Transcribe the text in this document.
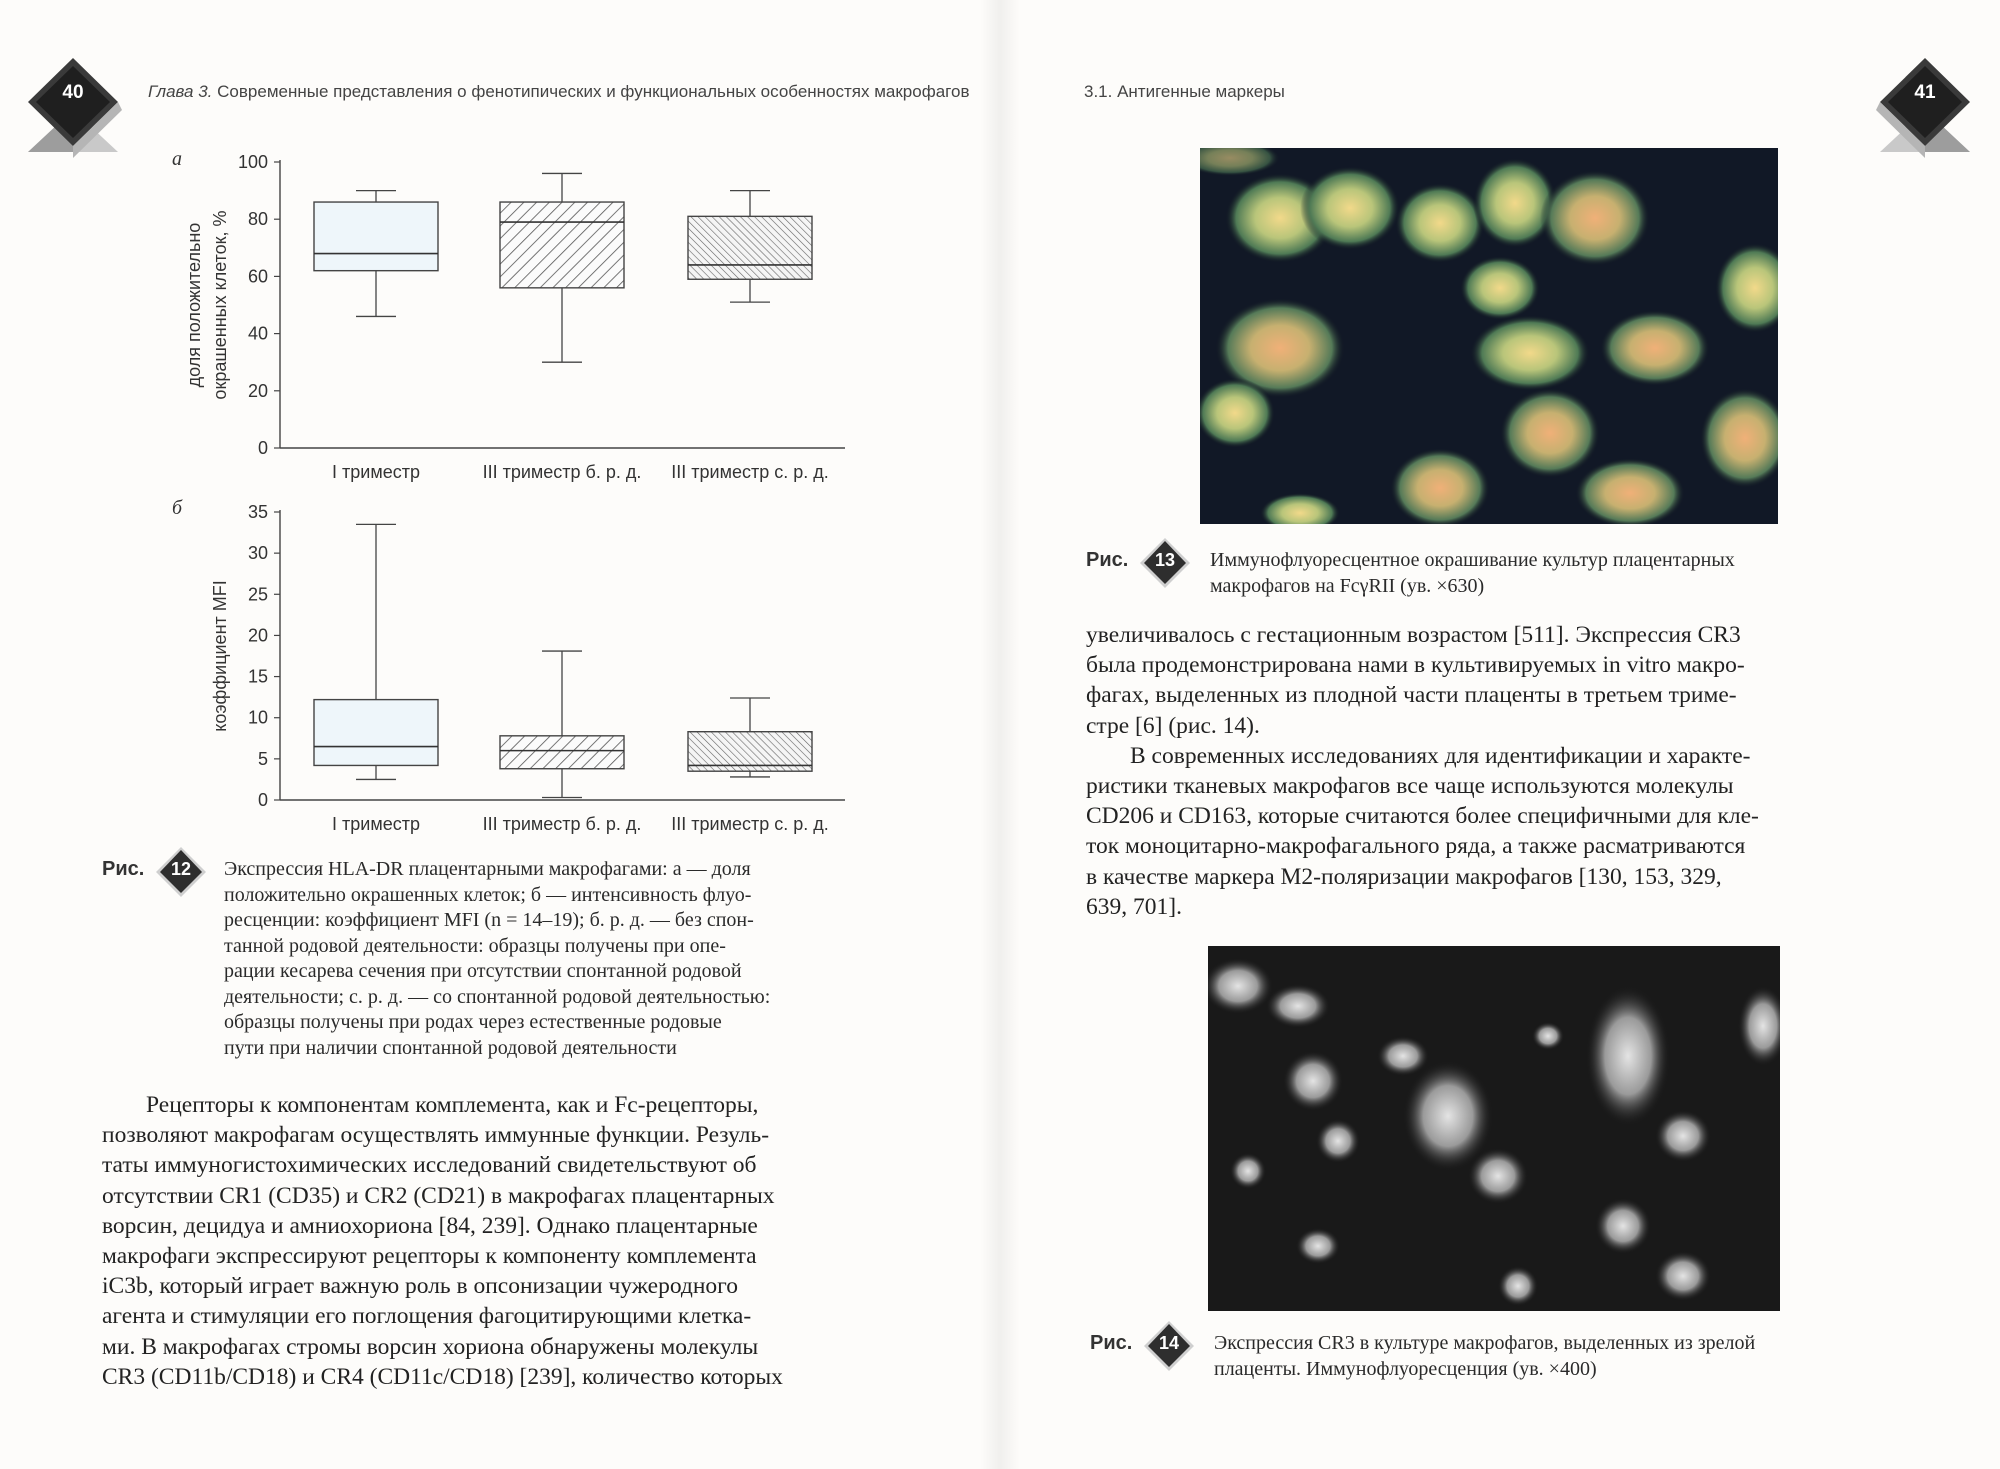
40	Глава 3. Современные представления о фенотипических и функциональных особенностях макрофагов
а
б
0
20
40
60
80
100
доля положительно окрашенных клеток, %
I триместр	III триместр б. р. д. III триместр с. р. д.
0
5
10
15
20
25
30
35
коэффициент MFI
I триместр	III триместр б. р. д. III триместр с. р. д.
Рис.	12	Экспрессия HLA-DR плацентарными макрофагами: а — доля
положительно окрашенных клеток; б — интенсивность флуо-
ресценции: коэффициент MFI (n = 14–19); б. р. д. — без спон-
танной родовой деятельности: образцы получены при опе-
рации кесарева сечения при отсутствии спонтанной родовой
деятельности; с. р. д. — со спонтанной родовой деятельностью:
образцы получены при родах через естественные родовые
пути при наличии спонтанной родовой деятельности
Рецепторы к компонентам комплемента, как и Fc-рецепторы,
позволяют макрофагам осуществлять иммунные функции. Резуль-
таты иммуногистохимических исследований свидетельствуют об
отсутствии CR1 (CD35) и CR2 (CD21) в макрофагах плацентарных
ворсин, децидуа и амниохориона [84, 239]. Однако плацентарные
макрофаги экспрессируют рецепторы к компоненту комплемента
iC3b, который играет важную роль в опсонизации чужеродного
агента и стимуляции его поглощения фагоцитирующими клетка-
ми. В макрофагах стромы ворсин хориона обнаружены молекулы
CR3 (CD11b/CD18) и CR4 (CD11c/CD18) [239], количество которых
3.1. Антигенные маркеры	41
Рис.	13	Иммунофлуоресцентное окрашивание культур плацентарных
макрофагов на FcγRII (ув. ×630)
увеличивалось с гестационным возрастом [511]. Экспрессия CR3
была продемонстрирована нами в культивируемых in vitro макро-
фагах, выделенных из плодной части плаценты в третьем триме-
стре [6] (рис. 14).
В современных исследованиях для идентификации и характе-
ристики тканевых макрофагов все чаще используются молекулы
CD206 и CD163, которые считаются более специфичными для кле-
ток моноцитарно-макрофагального ряда, а также расматриваются
в качестве маркера M2-поляризации макрофагов [130, 153, 329,
639, 701].
Рис.	14	Экспрессия CR3 в культуре макрофагов, выделенных из зрелой
плаценты. Иммунофлуоресценция (ув. ×400)
